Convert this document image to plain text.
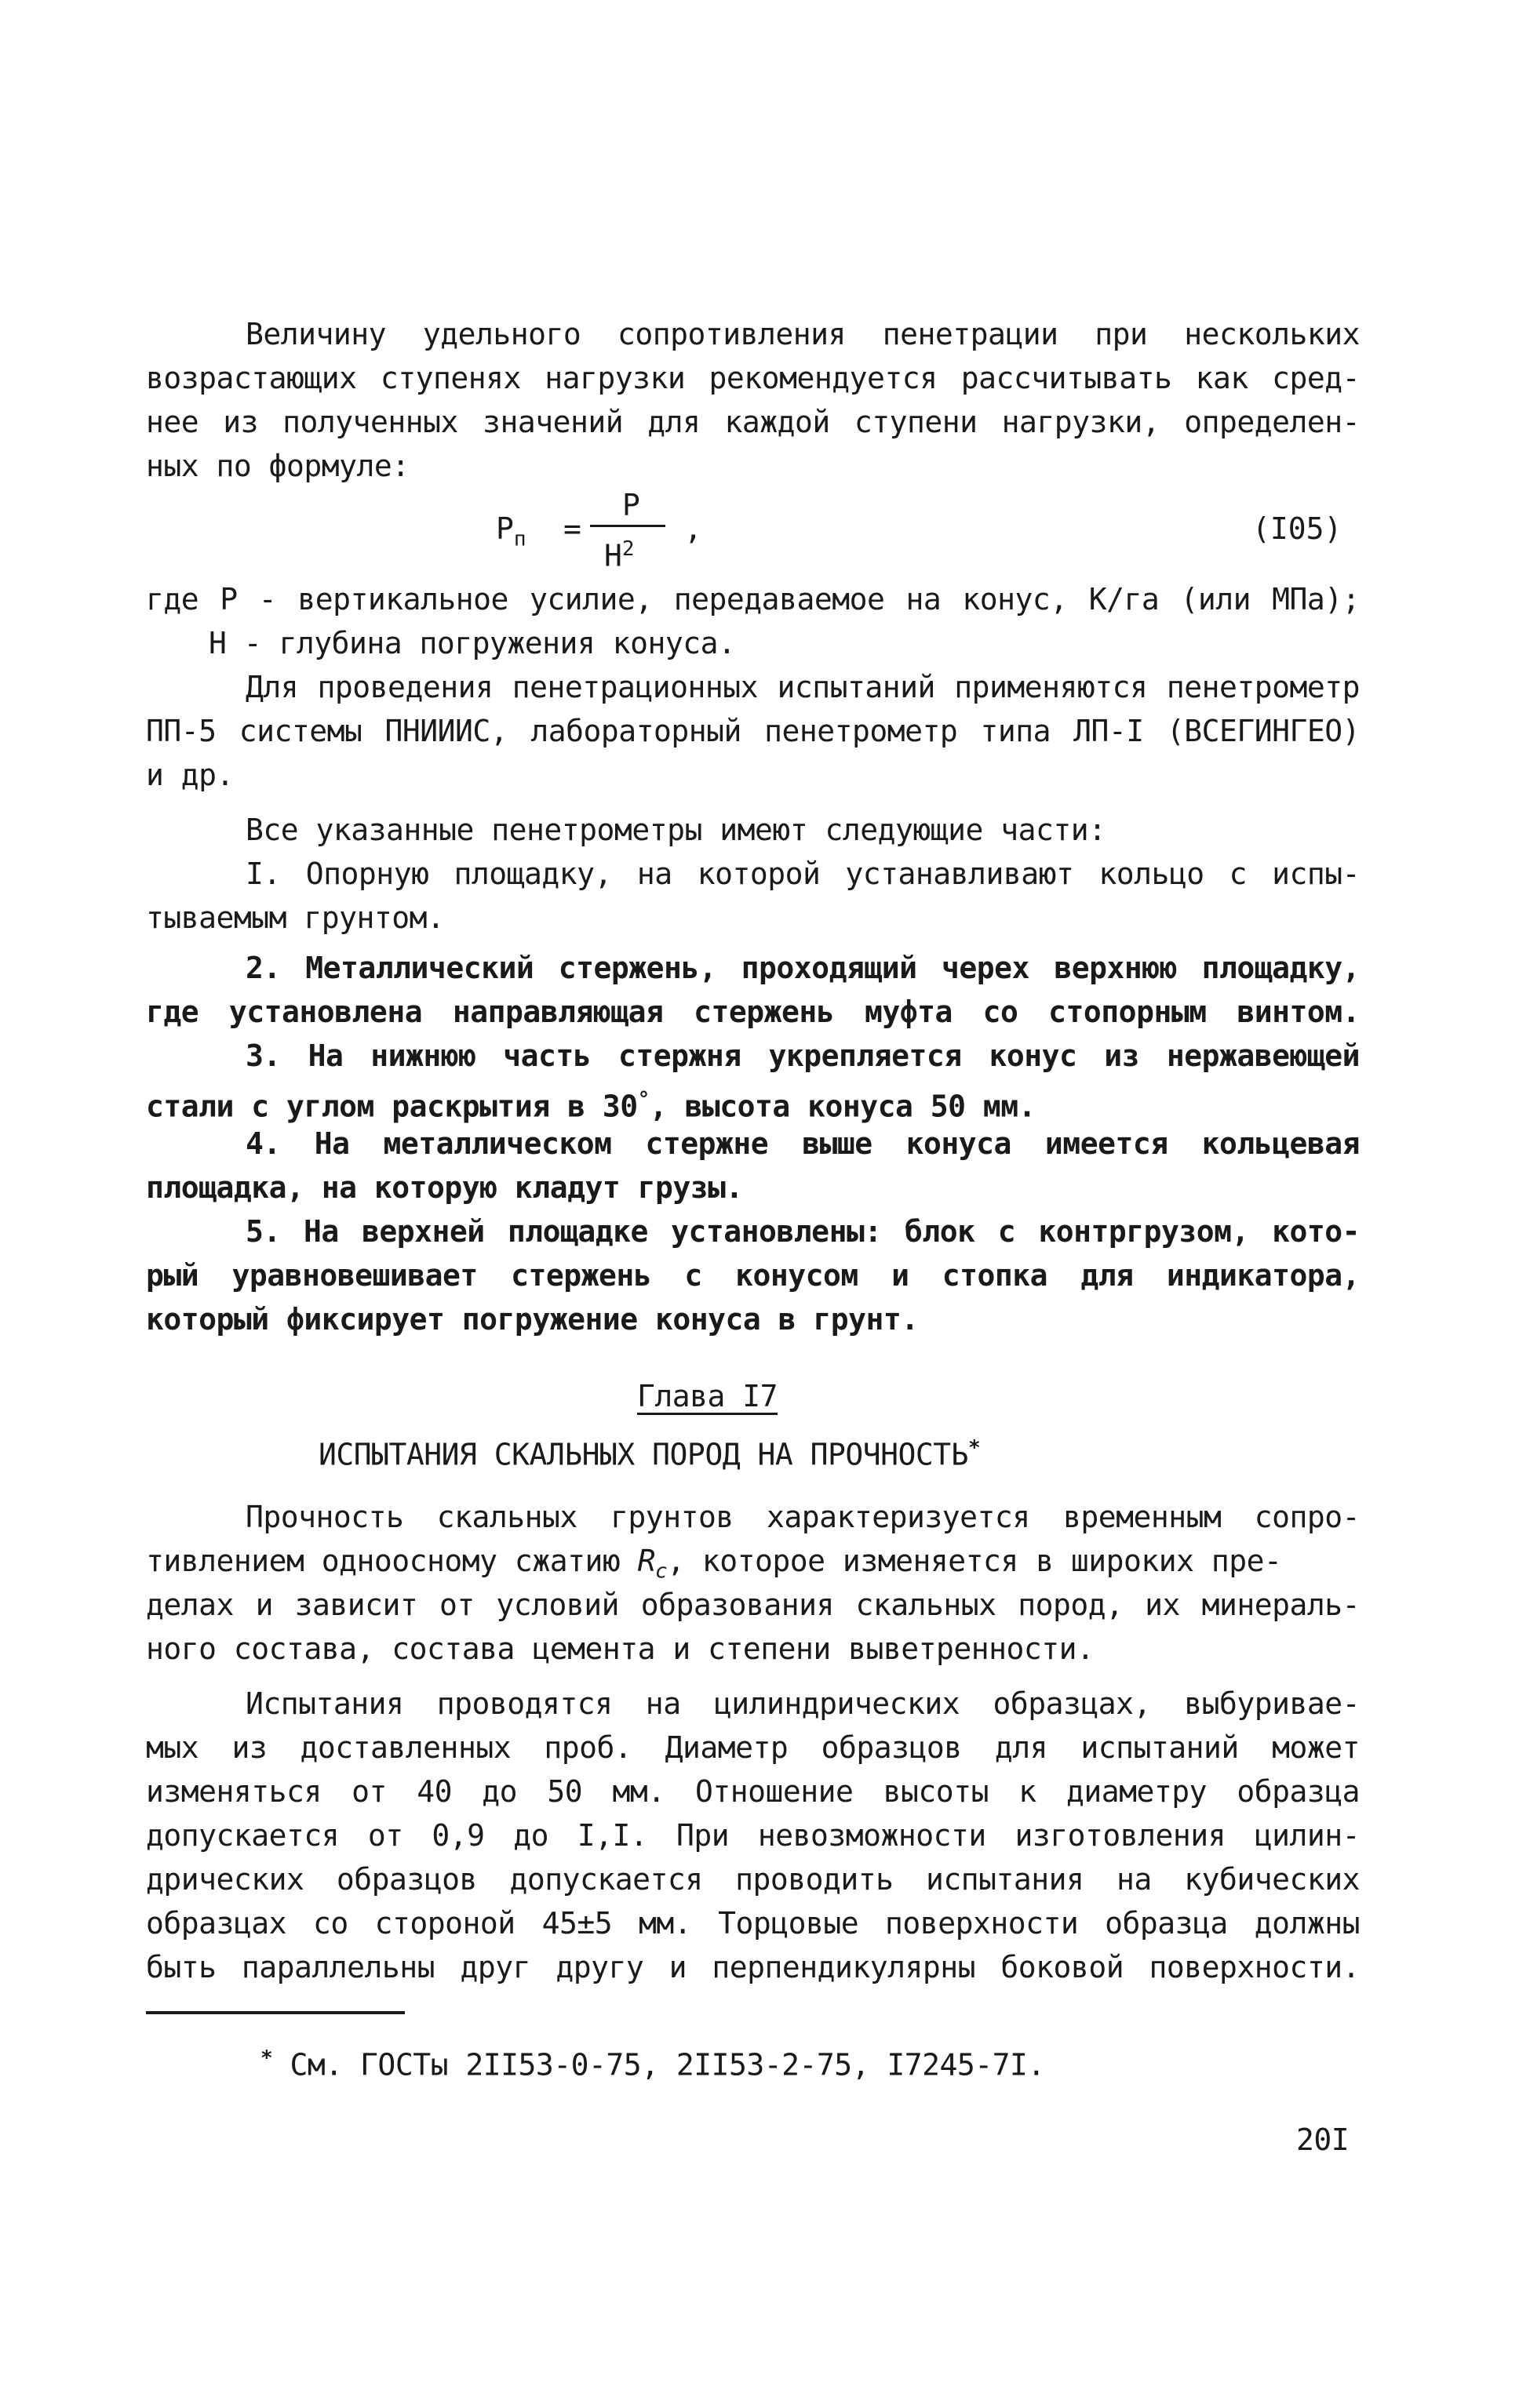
Величину удельного сопротивления пенетрации при нескольких

возрастающих ступенях нагрузки рекомендуется рассчитывать как сред-

нее из полученных значений для каждой ступени нагрузки, определен-

ных по формуле:

$P_п$ =
P
$H^2$
,	(I05)

где P - вертикальное усилие, передаваемое на конус, К/га (или МПа);

H - глубина погружения конуса.

Для проведения пенетрационных испытаний применяются пенетрометр

ПП-5 системы ПНИИИС, лабораторный пенетрометр типа ЛП-I (ВСЕГИНГЕО)

и др.

Все указанные пенетрометры имеют следующие части:

I. Опорную площадку, на которой устанавливают кольцо с испы-

тываемым грунтом.

2. Металлический стержень, проходящий черех верхнюю площадку,

где установлена направляющая стержень муфта со стопорным винтом.

3. На нижнюю часть стержня укрепляется конус из нержавеющей

стали с углом раскрытия в 30°, высота конуса 50 мм.

4. На металлическом стержне выше конуса имеется кольцевая

площадка, на которую кладут грузы.

5. На верхней площадке установлены: блок с контргрузом, кото-

рый уравновешивает стержень с конусом и стопка для индикатора,

который фиксирует погружение конуса в грунт.

Глава I7

ИСПЫТАНИЯ СКАЛЬНЫХ ПОРОД НА ПРОЧНОСТЬ*

Прочность скальных грунтов характеризуется временным сопро-

тивлением одноосному сжатию $R_c$, которое изменяется в широких пре-

делах и зависит от условий образования скальных пород, их минераль-

ного состава, состава цемента и степени выветренности.

Испытания проводятся на цилиндрических образцах, выбуривае-

мых из доставленных проб. Диаметр образцов для испытаний может

изменяться от 40 до 50 мм. Отношение высоты к диаметру образца

допускается от 0,9 до I,I. При невозможности изготовления цилин-

дрических образцов допускается проводить испытания на кубических

образцах со стороной 45±5 мм. Торцовые поверхности образца должны

быть параллельны друг другу и перпендикулярны боковой поверхности.

* См. ГОСТы 2II53-0-75, 2II53-2-75, I7245-7I.

20I
